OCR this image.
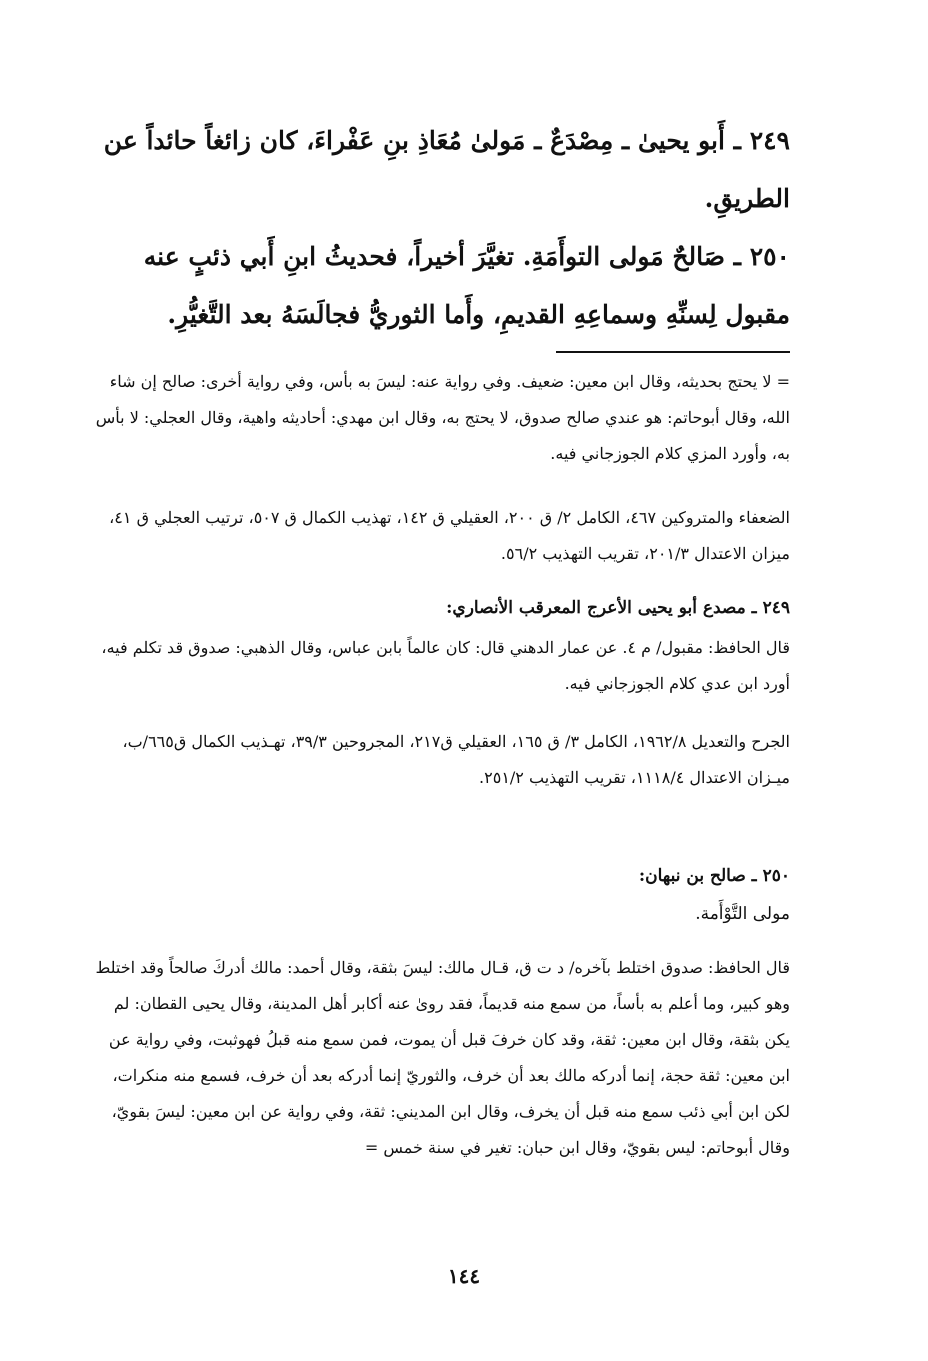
٢٤٩ ـ أَبو يحيىٰ ـ مِصْدَعٌ ـ مَولىٰ مُعَاذِ بنِ عَفْراءَ، كان زائغاً حائداً عن الطريقِ.
٢٥٠ ـ صَالحٌ مَولى التوأَمَةِ. تغيَّرَ أخيراً، فحديثُ ابنِ أَبي ذئبٍ عنه مقبول لِسنِّهِ وسماعِهِ القديمِ، وأَما الثوريُّ فجالَسَهُ بعد التَّغيُّرِ.
= لا يحتج بحديثه، وقال ابن معين: ضعيف. وفي رواية عنه: ليسَ به بأس، وفي رواية أخرى: صالح إن شاء الله، وقال أبوحاتم: هو عندي صالح صدوق، لا يحتج به، وقال ابن مهدي: أحاديثه واهية، وقال العجلي: لا بأس به، وأورد المزي كلام الجوزجاني فيه.
الضعفاء والمتروكين ٤٦٧، الكامل ٢/ ق ٢٠٠، العقيلي ق ١٤٢، تهذيب الكمال ق ٥٠٧، ترتيب العجلي ق ٤١، ميزان الاعتدال ٢٠١/٣، تقريب التهذيب ٥٦/٢.
٢٤٩ ـ مصدع أبو يحيى الأعرج المعرقب الأنصاري:
قال الحافظ: مقبول/ م ٤. عن عمار الدهني قال: كان عالماً بابن عباس، وقال الذهبي: صدوق قد تكلم فيه، أورد ابن عدي كلام الجوزجاني فيه.
الجرح والتعديل ١٩٦٢/٨، الكامل ٣/ ق ١٦٥، العقيلي ق٢١٧، المجروحين ٣٩/٣، تهـذيب الكمال ق٦٦٥/ب، ميـزان الاعتدال ١١١٨/٤، تقريب التهذيب ٢٥١/٢.
٢٥٠ ـ صالح بن نبهان:
مولى التَّوْأَمة.
قال الحافظ: صدوق اختلط بآخره/ د ت ق، قـال مالك: ليسَ بثقة، وقال أحمد: مالك أدركَ صالحاً وقد اختلط وهو كبير، وما أعلم به بأساً، من سمع منه قديماً، فقد روىٰ عنه أكابر أهل المدينة، وقال يحيى القطان: لم يكن بثقة، وقال ابن معين: ثقة، وقد كان خرفَ قبل أن يموت، فمن سمع منه قبلُ فهوثبت، وفي رواية عن ابن معين: ثقة حجة، إنما أدركه مالك بعد أن خرف، والثوريّ إنما أدركه بعد أن خرف، فسمع منه منكرات، لكن ابن أبي ذئب سمع منه قبل أن يخرف، وقال ابن المديني: ثقة، وفي رواية عن ابن معين: ليسَ بقويّ، وقال أبوحاتم: ليس بقويّ، وقال ابن حبان: تغير في سنة خمس =
١٤٤
